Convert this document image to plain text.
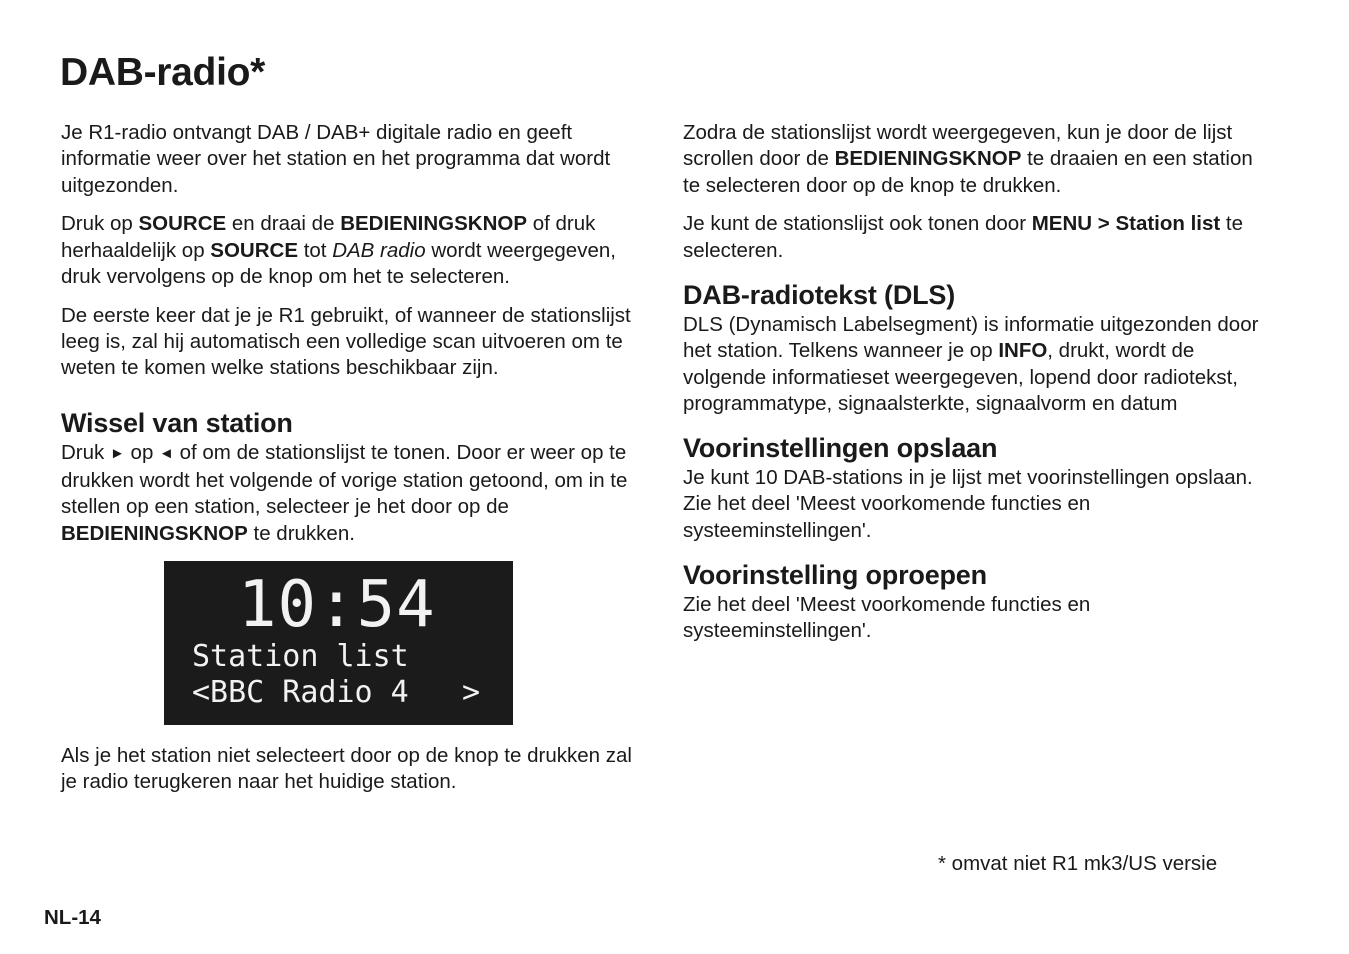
DAB-radio*

Je R1-radio ontvangt DAB / DAB+ digitale radio en geeft informatie weer over het station en het programma dat wordt uitgezonden.

Druk op SOURCE en draai de BEDIENINGSKNOP of druk herhaaldelijk op SOURCE tot DAB radio wordt weergegeven, druk vervolgens op de knop om het te selecteren.

De eerste keer dat je je R1 gebruikt, of wanneer de stationslijst leeg is, zal hij automatisch een volledige scan uitvoeren om te weten te komen welke stations beschikbaar zijn.

Wissel van station

Druk ► op ◄ of om de stationslijst te tonen. Door er weer op te drukken wordt het volgende of vorige station getoond, om in te stellen op een station, selecteer je het door op de BEDIENINGSKNOP te drukken.

10:54
Station list
<BBC Radio 4 >

Als je het station niet selecteert door op de knop te drukken zal je radio terugkeren naar het huidige station.

Zodra de stationslijst wordt weergegeven, kun je door de lijst scrollen door de BEDIENINGSKNOP te draaien en een station te selecteren door op de knop te drukken.

Je kunt de stationslijst ook tonen door MENU > Station list te selecteren.

DAB-radiotekst (DLS)

DLS (Dynamisch Labelsegment) is informatie uitgezonden door het station. Telkens wanneer je op INFO, drukt, wordt de volgende informatieset weergegeven, lopend door radiotekst, programmatype, signaalsterkte, signaalvorm en datum

Voorinstellingen opslaan

Je kunt 10 DAB-stations in je lijst met voorinstellingen opslaan. Zie het deel 'Meest voorkomende functies en systeeminstellingen'.

Voorinstelling oproepen

Zie het deel 'Meest voorkomende functies en systeeminstellingen'.

* omvat niet R1 mk3/US versie
NL-14
